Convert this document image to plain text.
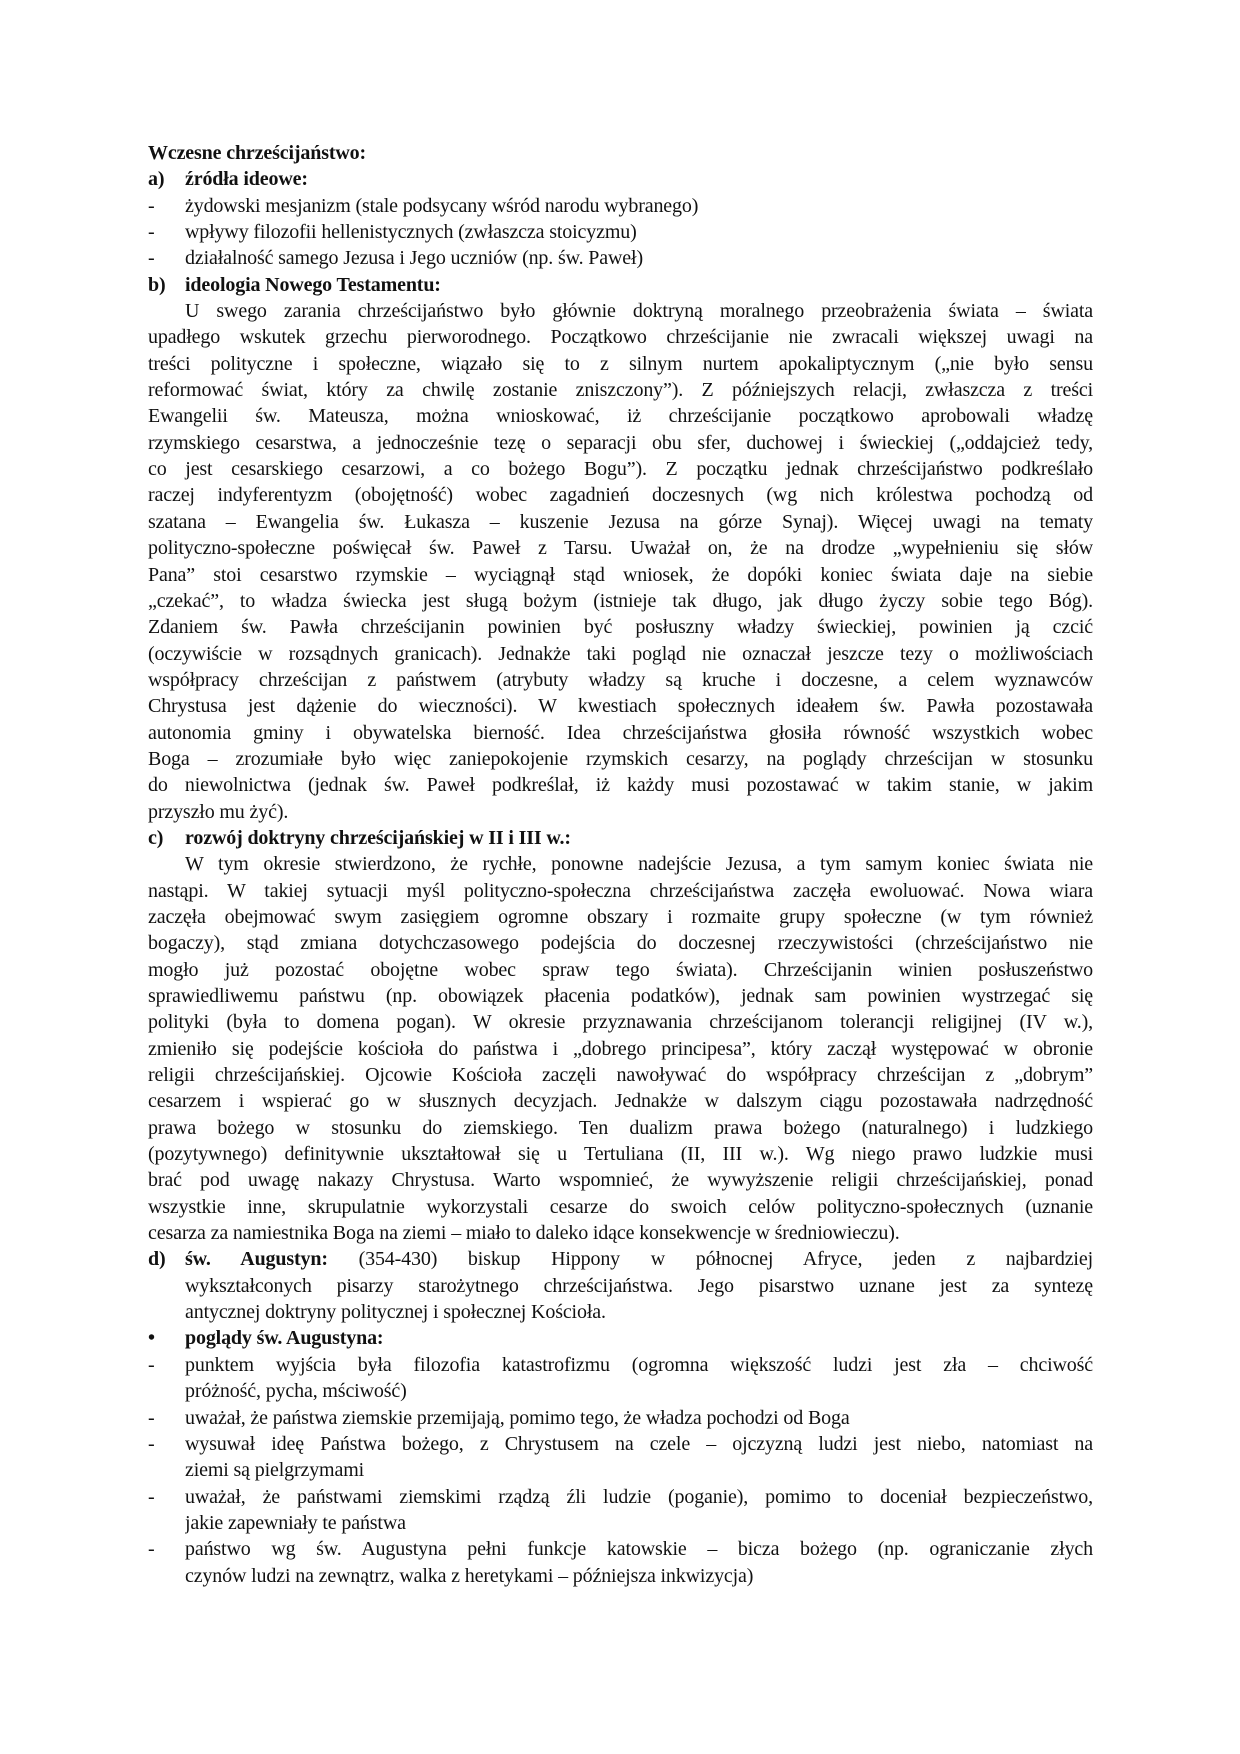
Wczesne chrześcijaństwo:
a) źródła ideowe:
- żydowski mesjanizm (stale podsycany wśród narodu wybranego)
- wpływy filozofii hellenistycznych (zwłaszcza stoicyzmu)
- działalność samego Jezusa i Jego uczniów (np. św. Paweł)
b) ideologia Nowego Testamentu:
U swego zarania chrześcijaństwo było głównie doktryną moralnego przeobrażenia świata – świata
upadłego wskutek grzechu pierworodnego. Początkowo chrześcijanie nie zwracali większej uwagi na
treści polityczne i społeczne, wiązało się to z silnym nurtem apokaliptycznym („nie było sensu
reformować świat, który za chwilę zostanie zniszczony”). Z późniejszych relacji, zwłaszcza z treści
Ewangelii św. Mateusza, można wnioskować, iż chrześcijanie początkowo aprobowali władzę
rzymskiego cesarstwa, a jednocześnie tezę o separacji obu sfer, duchowej i świeckiej („oddajcież tedy,
co jest cesarskiego cesarzowi, a co bożego Bogu”). Z początku jednak chrześcijaństwo podkreślało
raczej indyferentyzm (obojętność) wobec zagadnień doczesnych (wg nich królestwa pochodzą od
szatana – Ewangelia św. Łukasza – kuszenie Jezusa na górze Synaj). Więcej uwagi na tematy
polityczno-społeczne poświęcał św. Paweł z Tarsu. Uważał on, że na drodze „wypełnieniu się słów
Pana” stoi cesarstwo rzymskie – wyciągnął stąd wniosek, że dopóki koniec świata daje na siebie
„czekać”, to władza świecka jest sługą bożym (istnieje tak długo, jak długo życzy sobie tego Bóg).
Zdaniem św. Pawła chrześcijanin powinien być posłuszny władzy świeckiej, powinien ją czcić
(oczywiście w rozsądnych granicach). Jednakże taki pogląd nie oznaczał jeszcze tezy o możliwościach
współpracy chrześcijan z państwem (atrybuty władzy są kruche i doczesne, a celem wyznawców
Chrystusa jest dążenie do wieczności). W kwestiach społecznych ideałem św. Pawła pozostawała
autonomia gminy i obywatelska bierność. Idea chrześcijaństwa głosiła równość wszystkich wobec
Boga – zrozumiałe było więc zaniepokojenie rzymskich cesarzy, na poglądy chrześcijan w stosunku
do niewolnictwa (jednak św. Paweł podkreślał, iż każdy musi pozostawać w takim stanie, w jakim
przyszło mu żyć).
c) rozwój doktryny chrześcijańskiej w II i III w.:
W tym okresie stwierdzono, że rychłe, ponowne nadejście Jezusa, a tym samym koniec świata nie
nastąpi. W takiej sytuacji myśl polityczno-społeczna chrześcijaństwa zaczęła ewoluować. Nowa wiara
zaczęła obejmować swym zasięgiem ogromne obszary i rozmaite grupy społeczne (w tym również
bogaczy), stąd zmiana dotychczasowego podejścia do doczesnej rzeczywistości (chrześcijaństwo nie
mogło już pozostać obojętne wobec spraw tego świata). Chrześcijanin winien posłuszeństwo
sprawiedliwemu państwu (np. obowiązek płacenia podatków), jednak sam powinien wystrzegać się
polityki (była to domena pogan). W okresie przyznawania chrześcijanom tolerancji religijnej (IV w.),
zmieniło się podejście kościoła do państwa i „dobrego principesa”, który zaczął występować w obronie
religii chrześcijańskiej. Ojcowie Kościoła zaczęli nawoływać do współpracy chrześcijan z „dobrym”
cesarzem i wspierać go w słusznych decyzjach. Jednakże w dalszym ciągu pozostawała nadrzędność
prawa bożego w stosunku do ziemskiego. Ten dualizm prawa bożego (naturalnego) i ludzkiego
(pozytywnego) definitywnie ukształtował się u Tertuliana (II, III w.). Wg niego prawo ludzkie musi
brać pod uwagę nakazy Chrystusa. Warto wspomnieć, że wywyższenie religii chrześcijańskiej, ponad
wszystkie inne, skrupulatnie wykorzystali cesarze do swoich celów polityczno-społecznych (uznanie
cesarza za namiestnika Boga na ziemi – miało to daleko idące konsekwencje w średniowieczu).
d) św. Augustyn: (354-430) biskup Hippony w północnej Afryce, jeden z najbardziej
wykształconych pisarzy starożytnego chrześcijaństwa. Jego pisarstwo uznane jest za syntezę
antycznej doktryny politycznej i społecznej Kościoła.
• poglądy św. Augustyna:
- punktem wyjścia była filozofia katastrofizmu (ogromna większość ludzi jest zła – chciwość
próżność, pycha, mściwość)
- uważał, że państwa ziemskie przemijają, pomimo tego, że władza pochodzi od Boga
- wysuwał ideę Państwa bożego, z Chrystusem na czele – ojczyzną ludzi jest niebo, natomiast na
ziemi są pielgrzymami
- uważał, że państwami ziemskimi rządzą źli ludzie (poganie), pomimo to doceniał bezpieczeństwo,
jakie zapewniały te państwa
- państwo wg św. Augustyna pełni funkcje katowskie – bicza bożego (np. ograniczanie złych
czynów ludzi na zewnątrz, walka z heretykami – późniejsza inkwizycja)
